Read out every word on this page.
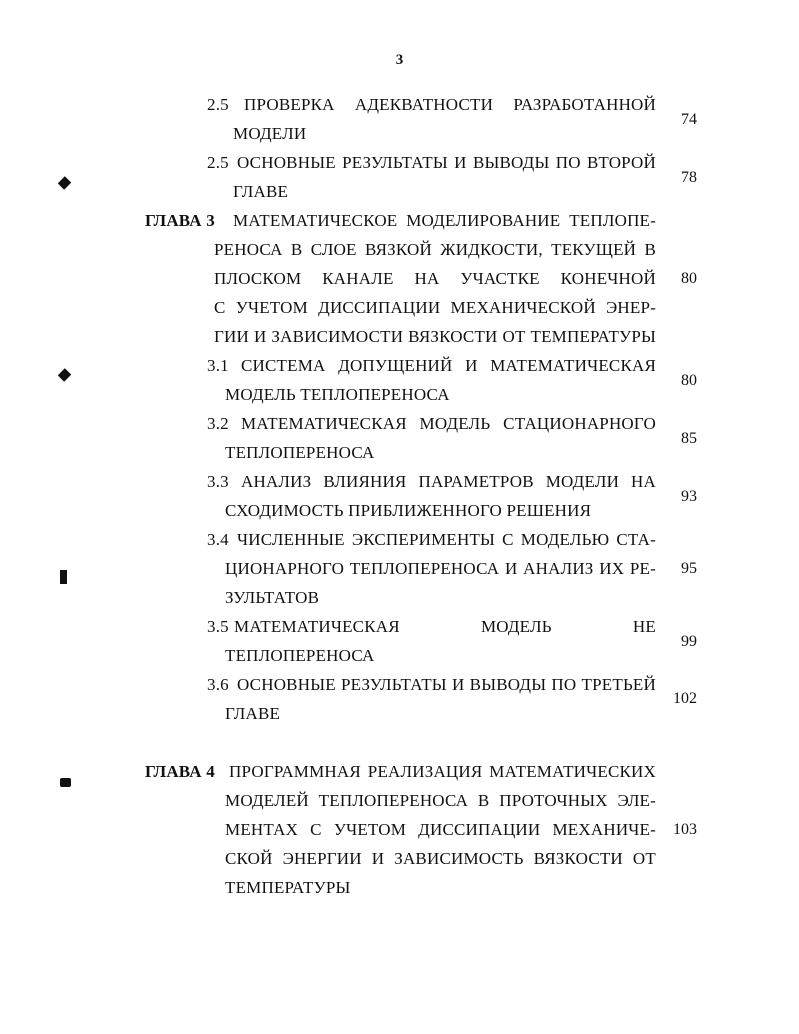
3
2.5 ПРОВЕРКА АДЕКВАТНОСТИ РАЗРАБОТАННОЙ
МОДЕЛИ
74
2.5 ОСНОВНЫЕ РЕЗУЛЬТАТЫ И ВЫВОДЫ ПО ВТОРОЙ
ГЛАВЕ
78
ГЛАВА 3 МАТЕМАТИЧЕСКОЕ МОДЕЛИРОВАНИЕ ТЕПЛОПЕ-
РЕНОСА В СЛОЕ ВЯЗКОЙ ЖИДКОСТИ, ТЕКУЩЕЙ В
ПЛОСКОМ КАНАЛЕ НА УЧАСТКЕ КОНЕЧНОЙ
С УЧЕТОМ ДИССИПАЦИИ МЕХАНИЧЕСКОЙ ЭНЕР-
ГИИ И ЗАВИСИМОСТИ ВЯЗКОСТИ ОТ ТЕМПЕРАТУРЫ
80
3.1 СИСТЕМА ДОПУЩЕНИЙ И МАТЕМАТИЧЕСКАЯ
МОДЕЛЬ ТЕПЛОПЕРЕНОСА
80
3.2 МАТЕМАТИЧЕСКАЯ МОДЕЛЬ СТАЦИОНАРНОГО
ТЕПЛОПЕРЕНОСА
85
3.3 АНАЛИЗ ВЛИЯНИЯ ПАРАМЕТРОВ МОДЕЛИ НА
СХОДИМОСТЬ ПРИБЛИЖЕННОГО РЕШЕНИЯ
93
3.4 ЧИСЛЕННЫЕ ЭКСПЕРИМЕНТЫ С МОДЕЛЬЮ СТА-
ЦИОНАРНОГО ТЕПЛОПЕРЕНОСА И АНАЛИЗ ИХ РЕ-
ЗУЛЬТАТОВ
95
3.5 МАТЕМАТИЧЕСКАЯ МОДЕЛЬ НЕ
ТЕПЛОПЕРЕНОСА
99
3.6 ОСНОВНЫЕ РЕЗУЛЬТАТЫ И ВЫВОДЫ ПО ТРЕТЬЕЙ
ГЛАВЕ
102
ГЛАВА 4 ПРОГРАММНАЯ РЕАЛИЗАЦИЯ МАТЕМАТИЧЕСКИХ
МОДЕЛЕЙ ТЕПЛОПЕРЕНОСА В ПРОТОЧНЫХ ЭЛЕ-
МЕНТАХ С УЧЕТОМ ДИССИПАЦИИ МЕХАНИЧЕ-
СКОЙ ЭНЕРГИИ И ЗАВИСИМОСТЬ ВЯЗКОСТИ ОТ
ТЕМПЕРАТУРЫ
103
